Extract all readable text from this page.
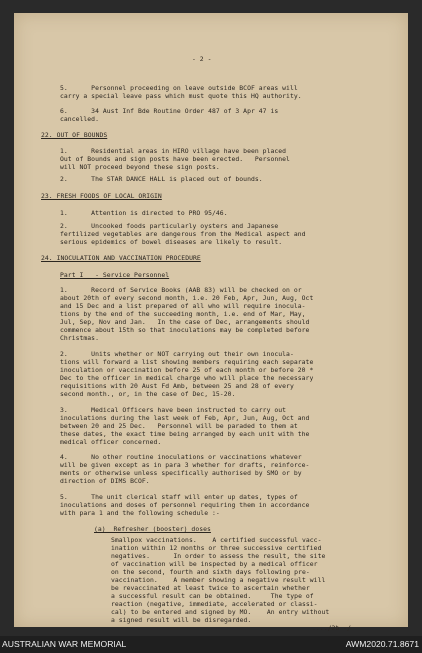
- 2 -
5.      Personnel proceeding on leave outside BCOF areas will
carry a special leave pass which must quote this HQ authority.
6.      34 Aust Inf Bde Routine Order 487 of 3 Apr 47 is
cancelled.
22. OUT OF BOUNDS
1.      Residential areas in HIRO village have been placed
Out of Bounds and sign posts have been erected.   Personnel
will NOT proceed beyond these sign posts.
2.      The STAR DANCE HALL is placed out of bounds.
23. FRESH FOODS OF LOCAL ORIGIN
1.      Attention is directed to PRO 95/46.
2.      Uncooked foods particularly oysters and Japanese
fertilized vegetables are dangerous from the Medical aspect and
serious epidemics of bowel diseases are likely to result.
24. INOCULATION AND VACCINATION PROCEDURE
Part I   - Service Personnel
1.      Record of Service Books (AAB 83) will be checked on or
about 20th of every second month, i.e. 20 Feb, Apr, Jun, Aug, Oct
and 15 Dec and a list prepared of all who will require inocula-
tions by the end of the succeeding month, i.e. end of Mar, May,
Jul, Sep, Nov and Jan.   In the case of Dec, arrangements should
commence about 15th so that inoculations may be completed before
Christmas.
2.      Units whether or NOT carrying out their own inocula-
tions will forward a list showing members requiring each separate
inoculation or vaccination before 25 of each month or before 20 *
Dec to the officer in medical charge who will place the necessary
requisitions with 20 Aust Fd Amb, between 25 and 28 of every
second month., or, in the case of Dec, 15-20.
3.      Medical Officers have been instructed to carry out
inoculations during the last week of Feb, Apr, Jun, Aug, Oct and
between 20 and 25 Dec.   Personnel will be paraded to them at
these dates, the exact time being arranged by each unit with the
medical officer concerned.
4.      No other routine inoculations or vaccinations whatever
will be given except as in para 3 whether for drafts, reinforce-
ments or otherwise unless specifically authorised by SMO or by
direction of DIMS BCOF.
5.      The unit clerical staff will enter up dates, types of
inoculations and doses of personnel requiring them in accordance
with para 1 and the following schedule :-
(a)  Refresher (booster) doses
Smallpox vaccinations.    A certified successful vacc-
ination within 12 months or three successive certified
negatives.      In order to assess the result, the site
of vaccination will be inspected by a medical officer
on the second, fourth and sixth days following pre-
vaccination.    A member showing a negative result will
be revaccinated at least twice to ascertain whether
a successful result can be obtained.     The type of
reaction (negative, immediate, accelerated or classi-
cal) to be entered and signed by MO.    An entry without
a signed result will be disregarded.
..../2b -/
AUSTRALIAN WAR MEMORIAL	AWM2020.71.8671
